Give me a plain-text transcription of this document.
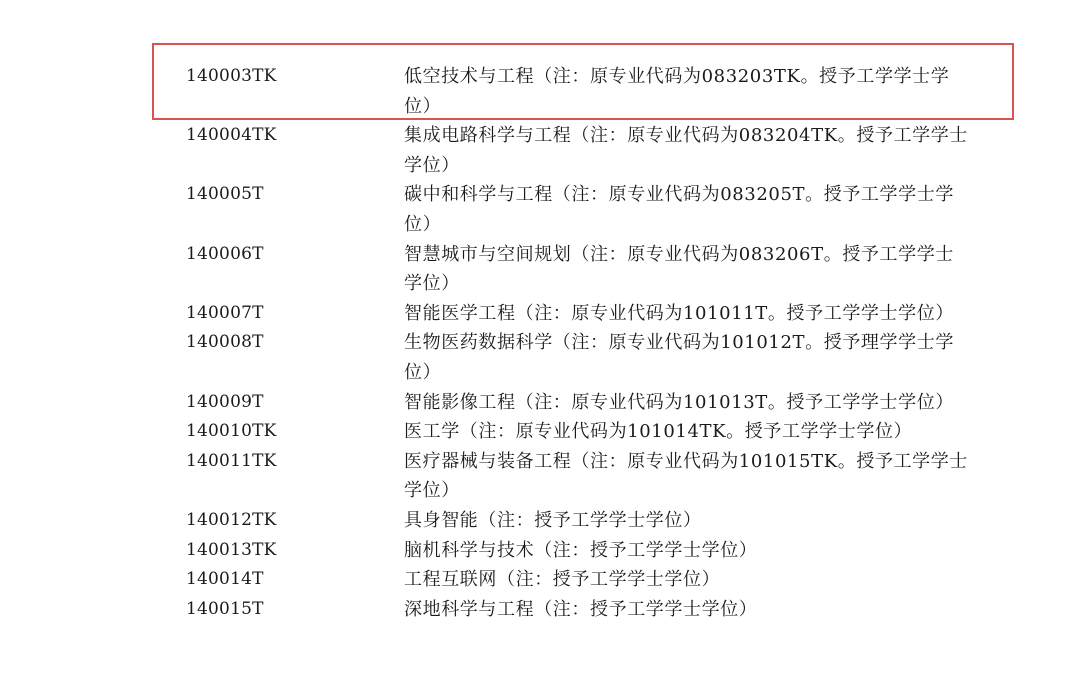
140003TK	低空技术与工程（注：原专业代码为083203TK。授予工学学士学位）
140004TK	集成电路科学与工程（注：原专业代码为083204TK。授予工学学士学位）
140005T	碳中和科学与工程（注：原专业代码为083205T。授予工学学士学位）
140006T	智慧城市与空间规划（注：原专业代码为083206T。授予工学学士学位）
140007T	智能医学工程（注：原专业代码为101011T。授予工学学士学位）
140008T	生物医药数据科学（注：原专业代码为101012T。授予理学学士学位）
140009T	智能影像工程（注：原专业代码为101013T。授予工学学士学位）
140010TK	医工学（注：原专业代码为101014TK。授予工学学士学位）
140011TK	医疗器械与装备工程（注：原专业代码为101015TK。授予工学学士学位）
140012TK	具身智能（注：授予工学学士学位）
140013TK	脑机科学与技术（注：授予工学学士学位）
140014T	工程互联网（注：授予工学学士学位）
140015T	深地科学与工程（注：授予工学学士学位）
